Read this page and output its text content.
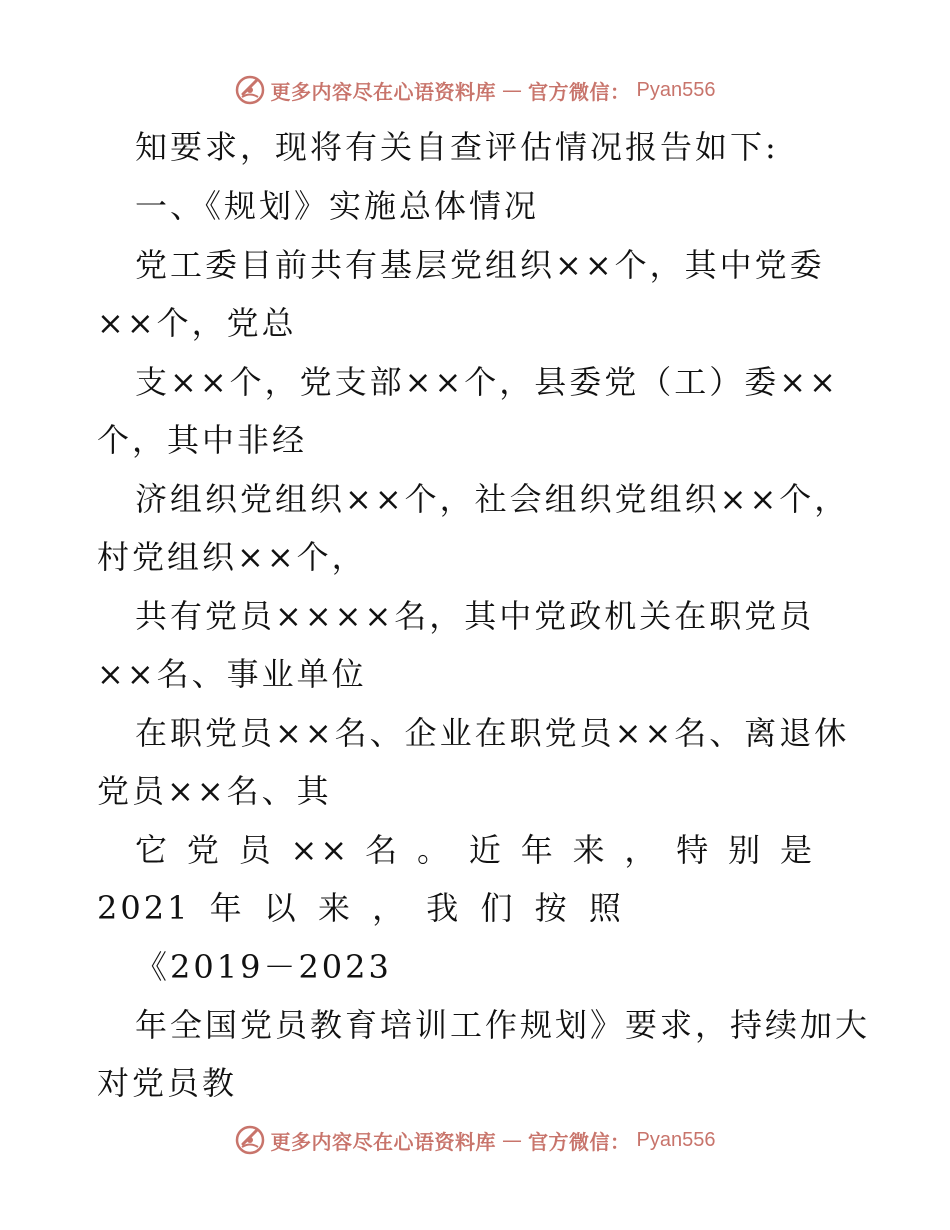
更多内容尽在心语资料库 — 官方微信： Pyan556
知要求，现将有关自查评估情况报告如下:
一、《规划》实施总体情况
党工委目前共有基层党组织××个，其中党委
××个，党总
支××个，党支部××个，县委党（工）委××
个，其中非经
济组织党组织××个，社会组织党组织××个，
村党组织××个，
共有党员××××名，其中党政机关在职党员
××名、事业单位
在职党员××名、企业在职党员××名、离退休
党员××名、其
它 党 员 ×× 名 。 近 年 来 ， 特 别 是
2021 年 以 来 ， 我 们 按 照
《2019－2023
年全国党员教育培训工作规划》要求，持续加大
对党员教
更多内容尽在心语资料库 — 官方微信： Pyan556
